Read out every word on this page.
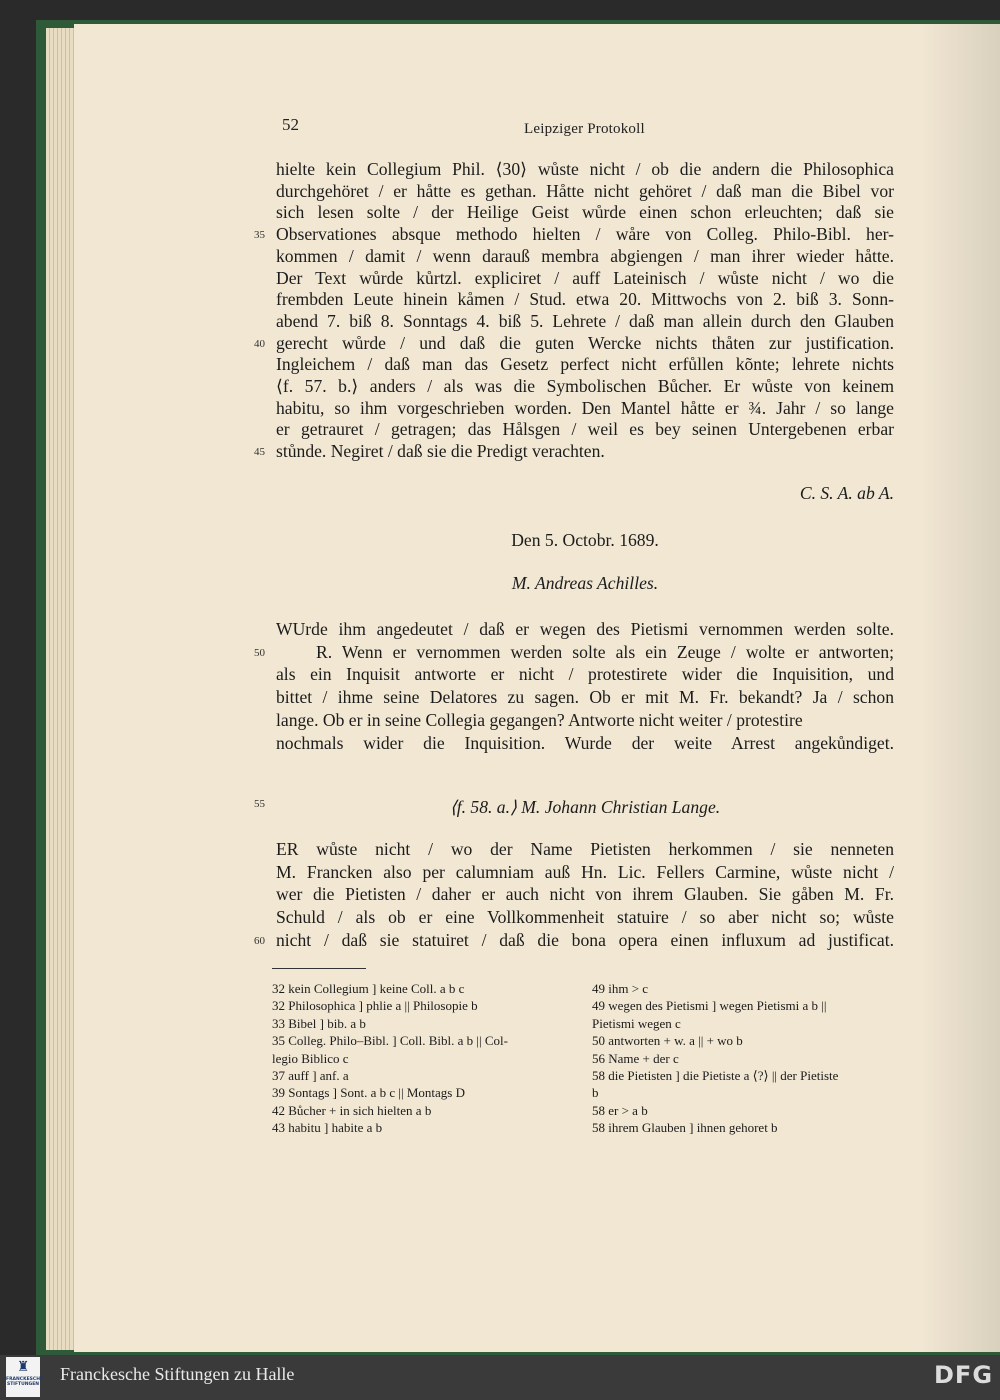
52	Leipziger Protokoll
hielte kein Collegium Phil. ⟨30⟩ wůste nicht / ob die andern die Philosophica
durchgehöret / er håtte es gethan. Håtte nicht gehöret / daß man die Bibel vor
sich lesen solte / der Heilige Geist wůrde einen schon erleuchten; daß sie
Observationes absque methodo hielten / wåre von Colleg. Philo-Bibl. her-
35
kommen / damit / wenn darauß membra abgiengen / man ihrer wieder håtte.
Der Text wůrde kůrtzl. expliciret / auff Lateinisch / wůste nicht / wo die
frembden Leute hinein kåmen / Stud. etwa 20. Mittwochs von 2. biß 3. Sonn-
abend 7. biß 8. Sonntags 4. biß 5. Lehrete / daß man allein durch den Glauben
gerecht wůrde / und daß die guten Wercke nichts thåten zur justification.
40
Ingleichem / daß man das Gesetz perfect nicht erfůllen kõnte; lehrete nichts
⟨f. 57. b.⟩ anders / als was die Symbolischen Bůcher. Er wůste von keinem
habitu, so ihm vorgeschrieben worden. Den Mantel håtte er ¾. Jahr / so lange
er getrauret / getragen; das Hålsgen / weil es bey seinen Untergebenen erbar
stůnde. Negiret / daß sie die Predigt verachten.
45
C. S. A. ab A.
Den 5. Octobr. 1689.
M. Andreas Achilles.
WUrde ihm angedeutet / daß er wegen des Pietismi vernommen werden solte.
R. Wenn er vernommen werden solte als ein Zeuge / wolte er antworten;
50
als ein Inquisit antworte er nicht / protestirete wider die Inquisition, und
bittet / ihme seine Delatores zu sagen. Ob er mit M. Fr. bekandt? Ja / schon
lange. Ob er in seine Collegia gegangen? Antworte nicht weiter / protestire
nochmals wider die Inquisition. Wurde der weite Arrest angekůndiget.
55	⟨f. 58. a.⟩ M. Johann Christian Lange.
ER wůste nicht / wo der Name Pietisten herkommen / sie nenneten
M. Francken also per calumniam auß Hn. Lic. Fellers Carmine, wůste nicht /
wer die Pietisten / daher er auch nicht von ihrem Glauben. Sie gåben M. Fr.
Schuld / als ob er eine Vollkommenheit statuire / so aber nicht so; wůste
nicht / daß sie statuiret / daß die bona opera einen influxum ad justificat.
60
32 kein Collegium ] keine Coll. a b c
32 Philosophica ] phlie a || Philosopie b
33 Bibel ] bib. a b
35 Colleg. Philo–Bibl. ] Coll. Bibl. a b || Col-
legio Biblico c
37 auff ] anf. a
39 Sontags ] Sont. a b c || Montags D
42 Bůcher + in sich hielten a b
43 habitu ] habite a b
49 ihm > c
49 wegen des Pietismi ] wegen Pietismi a b ||
Pietismi wegen c
50 antworten + w. a || + wo b
56 Name + der c
58 die Pietisten ] die Pietiste a ⟨?⟩ || der Pietiste
b
58 er > a b
58 ihrem Glauben ] ihnen gehoret b
♜
FRANCKESCHE STIFTUNGEN
Franckesche Stiftungen zu Halle	DFG
